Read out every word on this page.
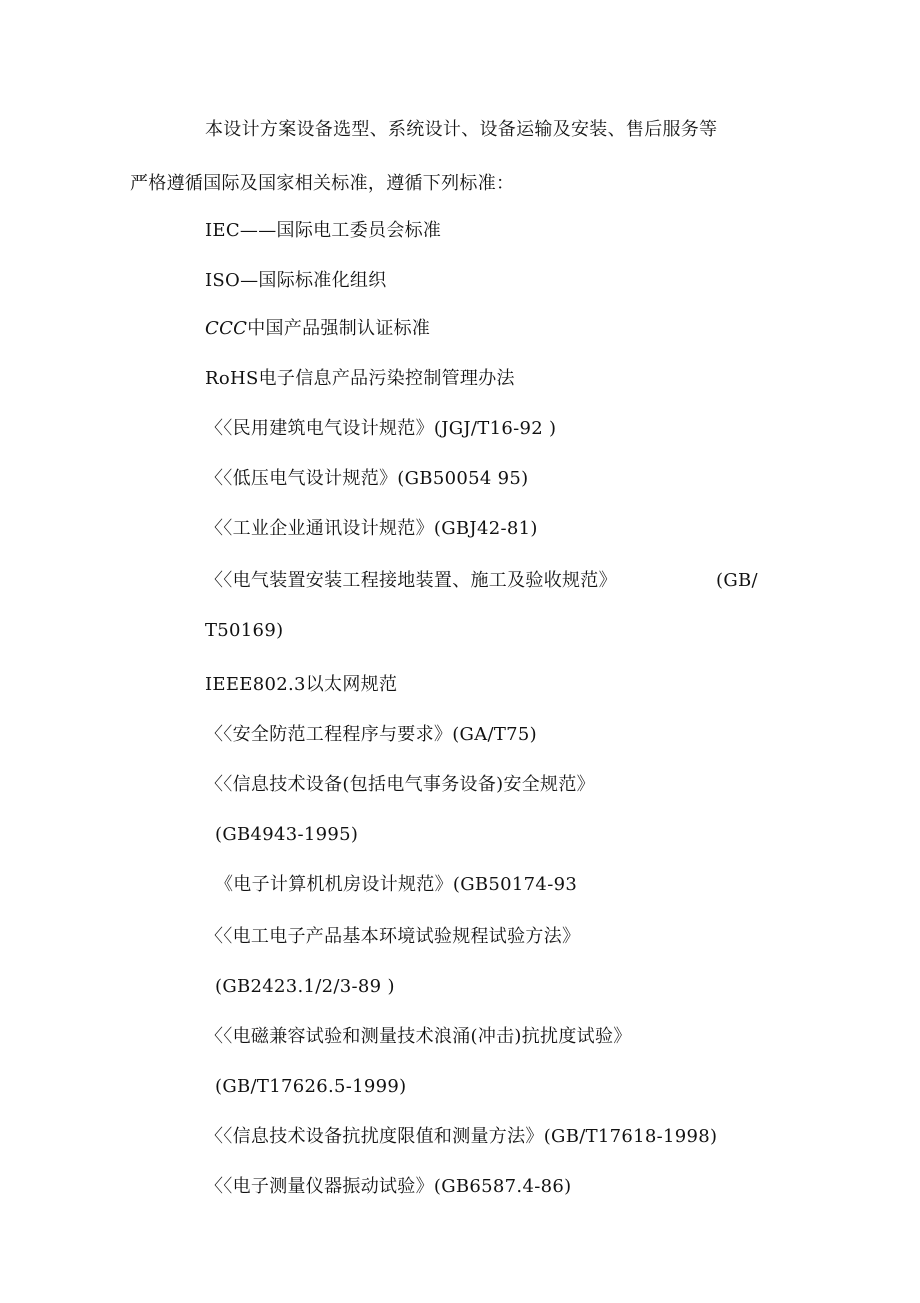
本设计方案设备选型、系统设计、设备运输及安装、售后服务等
严格遵循国际及国家相关标准，遵循下列标准：
IEC——国际电工委员会标准
ISO—国际标准化组织
CCC中国产品强制认证标准
RoHS电子信息产品污染控制管理办法
〈〈民用建筑电气设计规范》(JGJ/T16-92 )
〈〈低压电气设计规范》(GB50054 95)
〈〈工业企业通讯设计规范》(GBJ42-81)
〈〈电气装置安装工程接地装置、施工及验收规范》	(GB/
T50169)
IEEE802.3以太网规范
〈〈安全防范工程程序与要求》(GA/T75)
〈〈信息技术设备(包括电气事务设备)安全规范》
(GB4943-1995)
《电子计算机机房设计规范》(GB50174-93
〈〈电工电子产品基本环境试验规程试验方法》
(GB2423.1/2/3-89 )
〈〈电磁兼容试验和测量技术浪涌(冲击)抗扰度试验》
(GB/T17626.5-1999)
〈〈信息技术设备抗扰度限值和测量方法》(GB/T17618-1998)
〈〈电子测量仪器振动试验》(GB6587.4-86)
